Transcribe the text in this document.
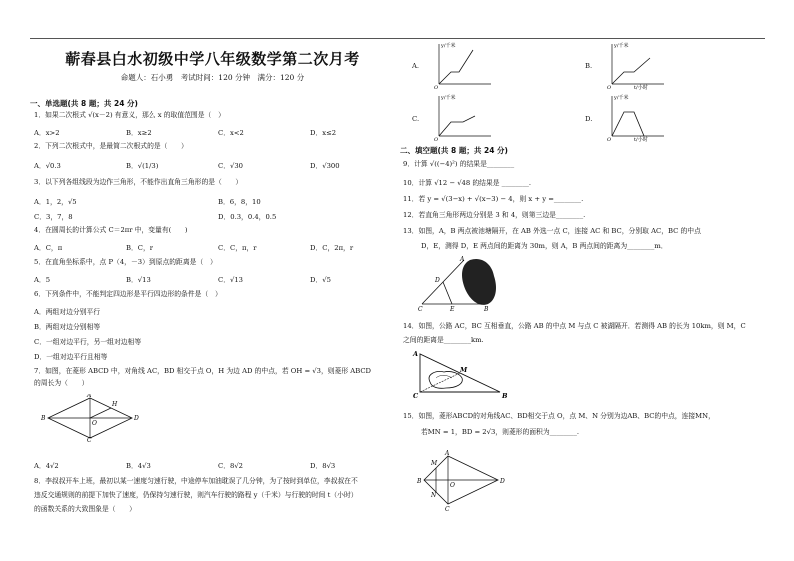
蕲春县白水初级中学八年级数学第二次月考
命题人：石小勇　考试时间：120 分钟　满分：120 分
一、单选题(共 8 题；共 24 分)
1．如果二次根式 √(x－2) 有意义，那么 x 的取值范围是（　）
A．x>2	B．x≥2	C．x<2	D．x≤2
2．下列二次根式中，是最简二次根式的是（　　）
A．√0.3	B．√(1/3)	C．√30	D．√300
3．以下列各组线段为边作三角形，不能作出直角三角形的是（　　）
A．1，2，√5	B．6，8，10
C．3，7，8	D．0.3，0.4，0.5
4．在圆周长的计算公式 C＝2πr 中，变量有(　　)
A．C，π	B．C，r	C．C，π，r	D．C，2π，r
5．在直角坐标系中，点 P（4，－3）到原点的距离是（　）
A．5	B．√13	C．√13	D．√5
6．下列条件中，不能判定四边形是平行四边形的条件是（　）
A．两组对边分别平行
B．两组对边分别相等
C．一组对边平行，另一组对边相等
D．一组对边平行且相等
7．如图，在菱形 ABCD 中，对角线 AC，BD 相交于点 O，H 为边 AD 的中点，若 OH = √3，则菱形 ABCD
的周长为（　　）
A
B
C
D
O
H
A．4√2	B．4√3	C．8√2	D．8√3
8．李叔叔开车上班，最初以某一速度匀速行驶，中途停车加油耽误了几分钟，为了按时到单位，李叔叔在不
违反交通规则的前提下加快了速度，仍保持匀速行驶，则汽车行驶的路程 y（千米）与行驶的时间 t（小时）
的函数关系的大致图象是（　　）
A.
y/千米
O
B.
y/千米
O	t/小时
C.
y/千米
O
D.
y/千米
O	t/小时
二、填空题(共 8 题；共 24 分)
9．计算 √((−4)²) 的结果是________
10．计算 √12 − √48 的结果是 ________.
11．若 y = √(3−x) + √(x−3) − 4，则 x + y =________.
12．若直角三角形两边分别是 3 和 4，则第三边是________.
13．如图，A，B 两点被池塘隔开，在 AB 外选一点 C，连接 AC 和 BC，分别取 AC，BC 的中点
D，E，测得 D，E 两点间的距离为 30m，则 A，B 两点间的距离为________m．
A
B
C
D
E
14．如图，公路 AC，BC 互相垂直，公路 AB 的中点 M 与点 C 被湖隔开．若测得 AB 的长为 10km，则 M，C
之间的距离是________km.
A
B
C
M
15．如图，菱形ABCD的对角线AC、BD相交于点 O，点 M、N 分别为边AB、BC的中点，连接MN，
若MN = 1，BD = 2√3，则菱形的面积为________.
A
B
C
D
M
N
O
